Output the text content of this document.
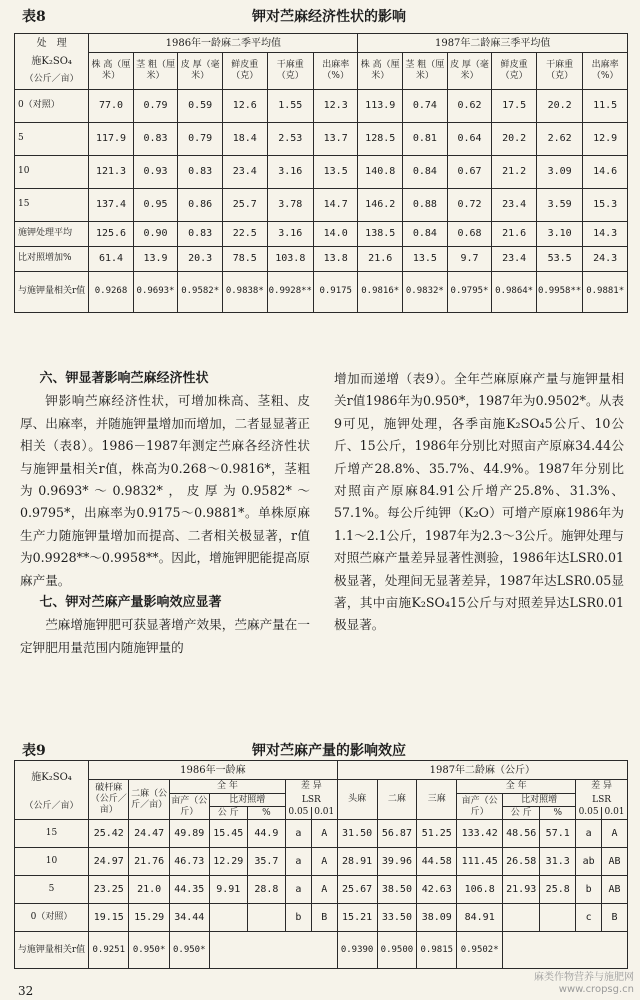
表8	钾对苎麻经济性状的影响
处　理	1986年一龄麻二季平均值						1987年二龄麻三季平均值					
施K₂SO₄	株 高（厘米）	茎 粗（厘米）	皮 厚（毫米）	鲜皮重（克）	干麻重（克）	出麻率（%）	株 高（厘米）	茎 粗（厘米）	皮 厚（毫米）	鲜皮重（克）	干麻重（克）	出麻率（%）
（公斤／亩）												
0（对照）	77.0	0.79	0.59	12.6	1.55	12.3	113.9	0.74	0.62	17.5	20.2	11.5
5	117.9	0.83	0.79	18.4	2.53	13.7	128.5	0.81	0.64	20.2	2.62	12.9
10	121.3	0.93	0.83	23.4	3.16	13.5	140.8	0.84	0.67	21.2	3.09	14.6
15	137.4	0.95	0.86	25.7	3.78	14.7	146.2	0.88	0.72	23.4	3.59	15.3
施钾处理平均	125.6	0.90	0.83	22.5	3.16	14.0	138.5	0.84	0.68	21.6	3.10	14.3
比对照增加%	61.4	13.9	20.3	78.5	103.8	13.8	21.6	13.5	9.7	23.4	53.5	24.3
与施钾量相关r值	0.9268	0.9693*	0.9582*	0.9838*	0.9928**	0.9175	0.9816*	0.9832*	0.9795*	0.9864*	0.9958**	0.9881*
六、钾显著影响苎麻经济性状

钾影响苎麻经济性状，可增加株高、茎粗、皮厚、出麻率，并随施钾量增加而增加，二者显显著正相关（表8）。1986－1987年测定苎麻各经济性状与施钾量相关r值，株高为0.268～0.9816*，茎粗为0.9693*～0.9832*，皮厚为0.9582*～0.9795*，出麻率为0.9175～0.9881*。单株原麻生产力随施钾量增加而提高、二者相关极显著，r值为0.9928**～0.9958**。因此，增施钾肥能提高原麻产量。

七、钾对苎麻产量影响效应显著

苎麻增施钾肥可获显著增产效果，苎麻产量在一定钾肥用量范围内随施钾量的

增加而递增（表9）。全年苎麻原麻产量与施钾量相关r值1986年为0.950*，1987年为0.9502*。从表9可见，施钾处理，各季亩施K₂SO₄5公斤、10公斤、15公斤，1986年分别比对照亩产原麻34.44公斤增产28.8%、35.7%、44.9%。1987年分别比对照亩产原麻84.91公斤增产25.8%、31.3%、57.1%。每公斤纯钾（K₂O）可增产原麻1986年为1.1～2.1公斤，1987年为2.3～3公斤。施钾处理与对照苎麻产量差异显著性测验，1986年达LSR0.01极显著，处理间无显著差异，1987年达LSR0.05显著，其中亩施K₂SO₄15公斤与对照差异达LSR0.01极显著。

表9	钾对苎麻产量的影响效应
施K₂SO₄	1986年一龄麻							1987年二龄麻（公斤）							
	破杆麻（公斤／亩）	二麻（公斤／亩）	全 年			差 异		头麻	二麻	三麻	全 年			差 异	
（公斤／亩）			亩产（公斤）	比对照增		LSR					亩产（公斤）	比对照增		LSR	
				公 斤	%	0.05	0.01					公 斤	%	0.05	0.01
15	25.42	24.47	49.89	15.45	44.9	a	A	31.50	56.87	51.25	133.42	48.56	57.1	a	A
10	24.97	21.76	46.73	12.29	35.7	a	A	28.91	39.96	44.58	111.45	26.58	31.3	ab	AB
5	23.25	21.0	44.35	9.91	28.8	a	A	25.67	38.50	42.63	106.8	21.93	25.8	b	AB
0（对照）	19.15	15.29	34.44			b	B	15.21	33.50	38.09	84.91			c	B
与施钾量相关r值	0.9251	0.950*	0.950*					0.9390	0.9500	0.9815	0.9502*				
32
麻类作物营养与施肥网
www.cropsg.cn
